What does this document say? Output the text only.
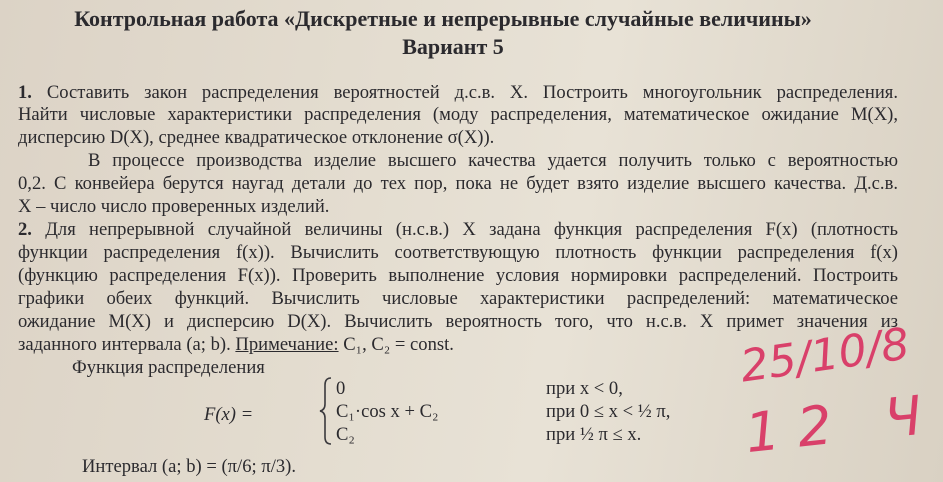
Контрольная работа «Дискретные и непрерывные случайные величины»
Вариант 5
1. Составить закон распределения вероятностей д.с.в. X. Построить многоугольник распределения.
Найти числовые характеристики распределения (моду распределения, математическое ожидание M(X),
дисперсию D(X), среднее квадратическое отклонение σ(X)).
В процессе производства изделие высшего качества удается получить только с вероятностью
0,2. С конвейера берутся наугад детали до тех пор, пока не будет взято изделие высшего качества. Д.с.в.
X – число число проверенных изделий.
2. Для непрерывной случайной величины (н.с.в.) X задана функция распределения F(x) (плотность
функции распределения f(x)). Вычислить соответствующую плотность функции распределения f(x)
(функцию распределения F(x)). Проверить выполнение условия нормировки распределений. Построить
графики обеих функций. Вычислить числовые характеристики распределений: математическое
ожидание M(X) и дисперсию D(X). Вычислить вероятность того, что н.с.в. X примет значения из
заданного интервала (a; b). Примечание: C₁, C₂ = const.
Функция распределения
F(x) =
0
C₁·cos x + C₂
C₂
при x < 0,
при 0 ≤ x < ½ π,
при ½ π ≤ x.
Интервал (a; b) = (π/6; π/3).
25/10/8
12 Ч
